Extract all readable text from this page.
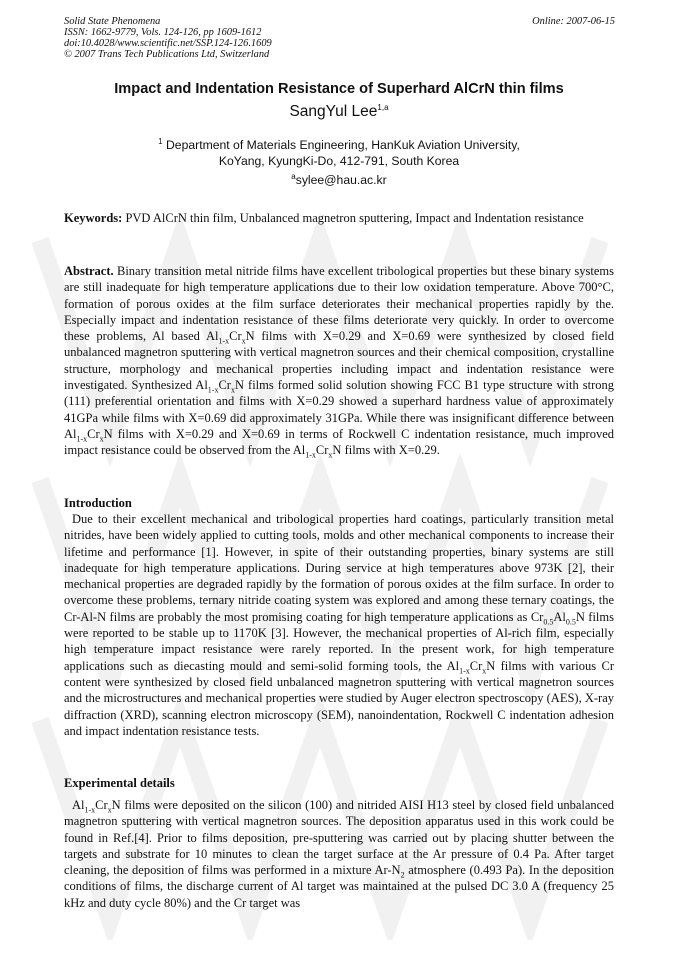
Solid State Phenomena
ISSN: 1662-9779, Vols. 124-126, pp 1609-1612
doi:10.4028/www.scientific.net/SSP.124-126.1609
© 2007 Trans Tech Publications Ltd, Switzerland
Online: 2007-06-15
Impact and Indentation Resistance of Superhard AlCrN thin films
SangYul Lee$^{1,a}$
$^1$ Department of Materials Engineering, HanKuk Aviation University,
KoYang, KyungKi-Do, 412-791, South Korea
$^a$sylee@hau.ac.kr
Keywords: PVD AlCrN thin film, Unbalanced magnetron sputtering, Impact and Indentation resistance
Abstract. Binary transition metal nitride films have excellent tribological properties but these binary systems are still inadequate for high temperature applications due to their low oxidation temperature. Above 700°C, formation of porous oxides at the film surface deteriorates their mechanical properties rapidly by the. Especially impact and indentation resistance of these films deteriorate very quickly. In order to overcome these problems, Al based $Al_{1-x}Cr_xN$ films with X=0.29 and X=0.69 were synthesized by closed field unbalanced magnetron sputtering with vertical magnetron sources and their chemical composition, crystalline structure, morphology and mechanical properties including impact and indentation resistance were investigated. Synthesized $Al_{1-x}Cr_xN$ films formed solid solution showing FCC B1 type structure with strong (111) preferential orientation and films with X=0.29 showed a superhard hardness value of approximately 41GPa while films with X=0.69 did approximately 31GPa. While there was insignificant difference between $Al_{1-x}Cr_xN$ films with X=0.29 and X=0.69 in terms of Rockwell C indentation resistance, much improved impact resistance could be observed from the $Al_{1-x}Cr_xN$ films with X=0.29.
Introduction
Due to their excellent mechanical and tribological properties hard coatings, particularly transition metal nitrides, have been widely applied to cutting tools, molds and other mechanical components to increase their lifetime and performance [1]. However, in spite of their outstanding properties, binary systems are still inadequate for high temperature applications. During service at high temperatures above 973K [2], their mechanical properties are degraded rapidly by the formation of porous oxides at the film surface. In order to overcome these problems, ternary nitride coating system was explored and among these ternary coatings, the Cr-Al-N films are probably the most promising coating for high temperature applications as $Cr_{0.5}Al_{0.5}N$ films were reported to be stable up to 1170K [3]. However, the mechanical properties of Al-rich film, especially high temperature impact resistance were rarely reported. In the present work, for high temperature applications such as diecasting mould and semi-solid forming tools, the $Al_{1-x}Cr_xN$ films with various Cr content were synthesized by closed field unbalanced magnetron sputtering with vertical magnetron sources and the microstructures and mechanical properties were studied by Auger electron spectroscopy (AES), X-ray diffraction (XRD), scanning electron microscopy (SEM), nanoindentation, Rockwell C indentation adhesion and impact indentation resistance tests.
Experimental details
$Al_{1-x}Cr_xN$ films were deposited on the silicon (100) and nitrided AISI H13 steel by closed field unbalanced magnetron sputtering with vertical magnetron sources. The deposition apparatus used in this work could be found in Ref.[4]. Prior to films deposition, pre-sputtering was carried out by placing shutter between the targets and substrate for 10 minutes to clean the target surface at the Ar pressure of 0.4 Pa. After target cleaning, the deposition of films was performed in a mixture $Ar-N_2$ atmosphere (0.493 Pa). In the deposition conditions of films, the discharge current of Al target was maintained at the pulsed DC 3.0 A (frequency 25 kHz and duty cycle 80%) and the Cr target was
